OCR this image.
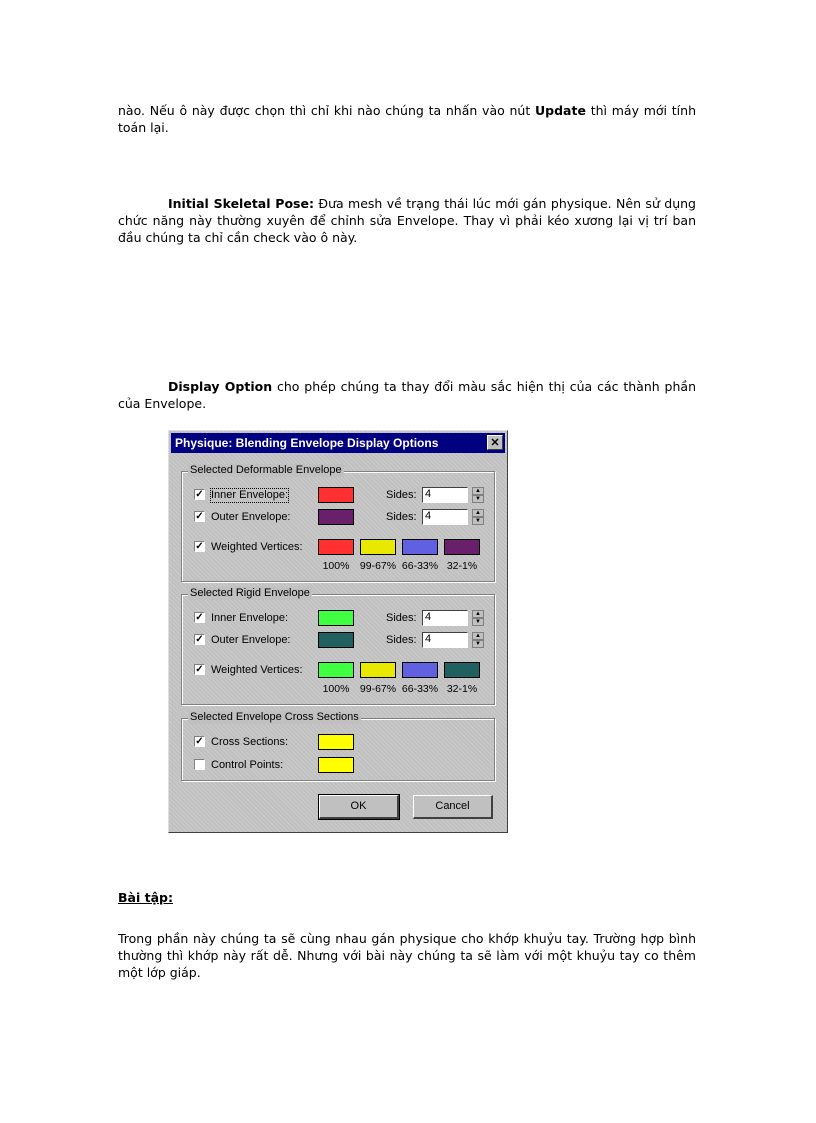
nào. Nếu ô này được chọn thì chỉ khi nào chúng ta nhấn vào nút Update thì máy mới tính toán lại.

Initial Skeletal Pose: Đưa mesh về trạng thái lúc mới gán physique. Nên sử dụng chức năng này thường xuyên để chỉnh sửa Envelope. Thay vì phải kéo xương lại vị trí ban đầu chúng ta chỉ cần check vào ô này.

Display Option cho phép chúng ta thay đổi màu sắc hiện thị của các thành phần của Envelope.

Physique: Blending Envelope Display Options	✕
Selected Deformable Envelope
✓ Inner Envelope:	Sides: 4	▲
▼
✓ Outer Envelope:	Sides: 4	▲
▼
✓ Weighted Vertices:
100% 99-67% 66-33% 32-1%
Selected Rigid Envelope
✓ Inner Envelope:	Sides: 4	▲
▼
✓ Outer Envelope:	Sides: 4	▲
▼
✓ Weighted Vertices:
100% 99-67% 66-33% 32-1%
Selected Envelope Cross Sections
✓ Cross Sections:
Control Points:
OK	Cancel

Bài tập:

Trong phần này chúng ta sẽ cùng nhau gán physique cho khớp khuỷu tay. Trường hợp bình thường thì khớp này rất dễ. Nhưng với bài này chúng ta sẽ làm với một khuỷu tay co thêm một lớp giáp.
